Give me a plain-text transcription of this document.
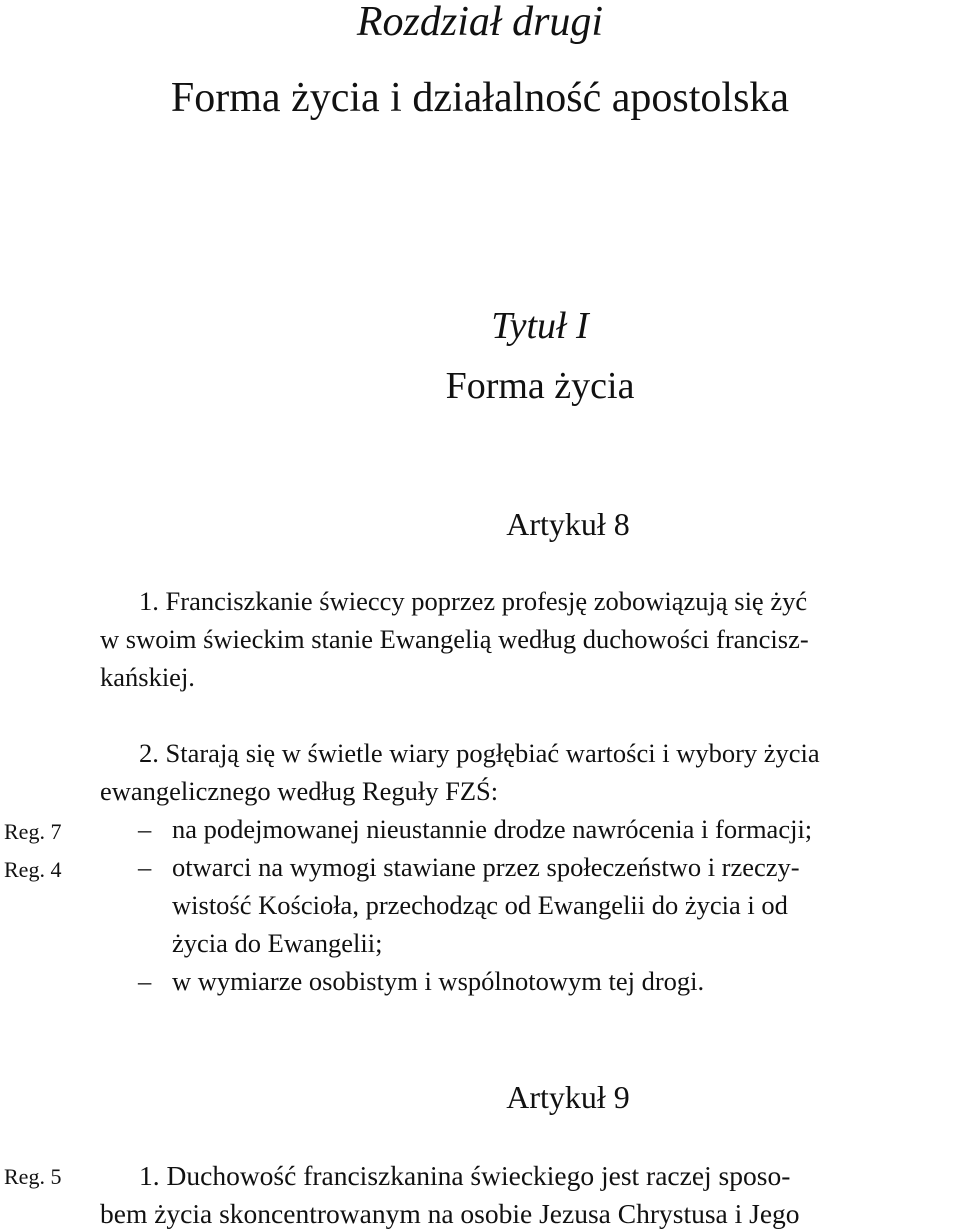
Rozdział drugi
Forma życia i działalność apostolska
Tytuł I
Forma życia
Artykuł 8
1. Franciszkanie świeccy poprzez profesję zobowiązują się żyć
w swoim świeckim stanie Ewangelią według duchowości francisz-
kańskiej.
2. Starają się w świetle wiary pogłębiać wartości i wybory życia
ewangelicznego według Reguły FZŚ:
Reg. 7
Reg. 4
– na podejmowanej nieustannie drodze nawrócenia i formacji;
– otwarci na wymogi stawiane przez społeczeństwo i rzeczy-
wistość Kościoła, przechodząc od Ewangelii do życia i od
życia do Ewangelii;
– w wymiarze osobistym i wspólnotowym tej drogi.
Artykuł 9
Reg. 5	1. Duchowość franciszkanina świeckiego jest raczej sposo-
bem życia skoncentrowanym na osobie Jezusa Chrystusa i Jego
